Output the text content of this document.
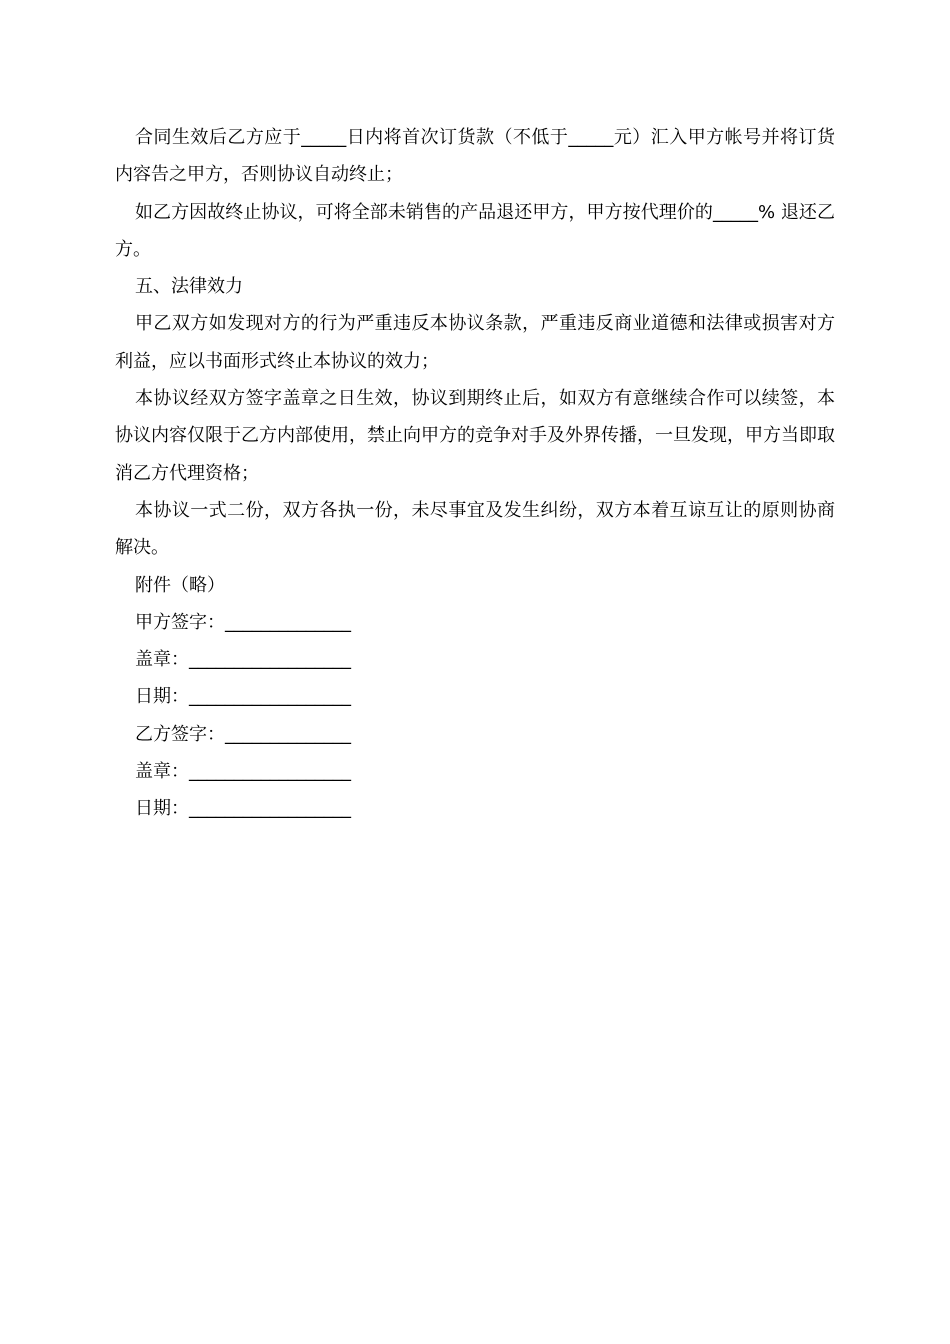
合同生效后乙方应于_____日内将首次订货款（不低于_____元）汇入甲方帐号并将订货内容告之甲方，否则协议自动终止；

如乙方因故终止协议，可将全部未销售的产品退还甲方，甲方按代理价的_____% 退还乙方。

五、法律效力

甲乙双方如发现对方的行为严重违反本协议条款，严重违反商业道德和法律或损害对方利益，应以书面形式终止本协议的效力；

本协议经双方签字盖章之日生效，协议到期终止后，如双方有意继续合作可以续签，本协议内容仅限于乙方内部使用，禁止向甲方的竞争对手及外界传播，一旦发现，甲方当即取消乙方代理资格；

本协议一式二份，双方各执一份，未尽事宜及发生纠纷，双方本着互谅互让的原则协商解决。

附件（略）

甲方签字：______________

盖章：__________________

日期：__________________

乙方签字：______________

盖章：__________________

日期：__________________
